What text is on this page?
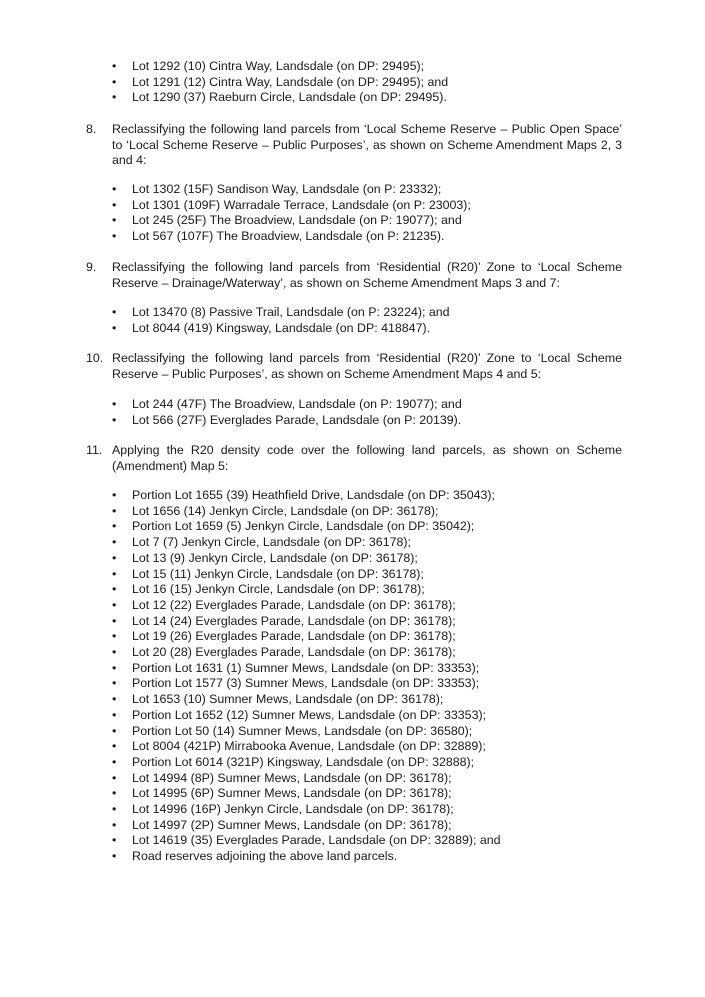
•	Lot 1292 (10) Cintra Way, Landsdale (on DP: 29495);
•	Lot 1291 (12) Cintra Way, Landsdale (on DP: 29495); and
•	Lot 1290 (37) Raeburn Circle, Landsdale (on DP: 29495).
8.	Reclassifying the following land parcels from ‘Local Scheme Reserve – Public Open Space’ to ‘Local Scheme Reserve – Public Purposes’, as shown on Scheme Amendment Maps 2, 3 and 4:
•	Lot 1302 (15F) Sandison Way, Landsdale (on P: 23332);
•	Lot 1301 (109F) Warradale Terrace, Landsdale (on P: 23003);
•	Lot 245 (25F) The Broadview, Landsdale (on P: 19077); and
•	Lot 567 (107F) The Broadview, Landsdale (on P: 21235).
9.	Reclassifying the following land parcels from ‘Residential (R20)’ Zone to ‘Local Scheme Reserve – Drainage/Waterway’, as shown on Scheme Amendment Maps 3 and 7:
•	Lot 13470 (8) Passive Trail, Landsdale (on P: 23224); and
•	Lot 8044 (419) Kingsway, Landsdale (on DP: 418847).
10. Reclassifying the following land parcels from ‘Residential (R20)’ Zone to ‘Local Scheme Reserve – Public Purposes’, as shown on Scheme Amendment Maps 4 and 5:
•	Lot 244 (47F) The Broadview, Landsdale (on P: 19077); and
•	Lot 566 (27F) Everglades Parade, Landsdale (on P: 20139).
11. Applying the R20 density code over the following land parcels, as shown on Scheme (Amendment) Map 5:
•	Portion Lot 1655 (39) Heathfield Drive, Landsdale (on DP: 35043);
•	Lot 1656 (14) Jenkyn Circle, Landsdale (on DP: 36178);
•	Portion Lot 1659 (5) Jenkyn Circle, Landsdale (on DP: 35042);
•	Lot 7 (7) Jenkyn Circle, Landsdale (on DP: 36178);
•	Lot 13 (9) Jenkyn Circle, Landsdale (on DP: 36178);
•	Lot 15 (11) Jenkyn Circle, Landsdale (on DP: 36178);
•	Lot 16 (15) Jenkyn Circle, Landsdale (on DP: 36178);
•	Lot 12 (22) Everglades Parade, Landsdale (on DP: 36178);
•	Lot 14 (24) Everglades Parade, Landsdale (on DP: 36178);
•	Lot 19 (26) Everglades Parade, Landsdale (on DP: 36178);
•	Lot 20 (28) Everglades Parade, Landsdale (on DP: 36178);
•	Portion Lot 1631 (1) Sumner Mews, Landsdale (on DP: 33353);
•	Portion Lot 1577 (3) Sumner Mews, Landsdale (on DP: 33353);
•	Lot 1653 (10) Sumner Mews, Landsdale (on DP: 36178);
•	Portion Lot 1652 (12) Sumner Mews, Landsdale (on DP: 33353);
•	Portion Lot 50 (14) Sumner Mews, Landsdale (on DP: 36580);
•	Lot 8004 (421P) Mirrabooka Avenue, Landsdale (on DP: 32889);
•	Portion Lot 6014 (321P) Kingsway, Landsdale (on DP: 32888);
•	Lot 14994 (8P) Sumner Mews, Landsdale (on DP: 36178);
•	Lot 14995 (6P) Sumner Mews, Landsdale (on DP: 36178);
•	Lot 14996 (16P) Jenkyn Circle, Landsdale (on DP: 36178);
•	Lot 14997 (2P) Sumner Mews, Landsdale (on DP: 36178);
•	Lot 14619 (35) Everglades Parade, Landsdale (on DP: 32889); and
•	Road reserves adjoining the above land parcels.
